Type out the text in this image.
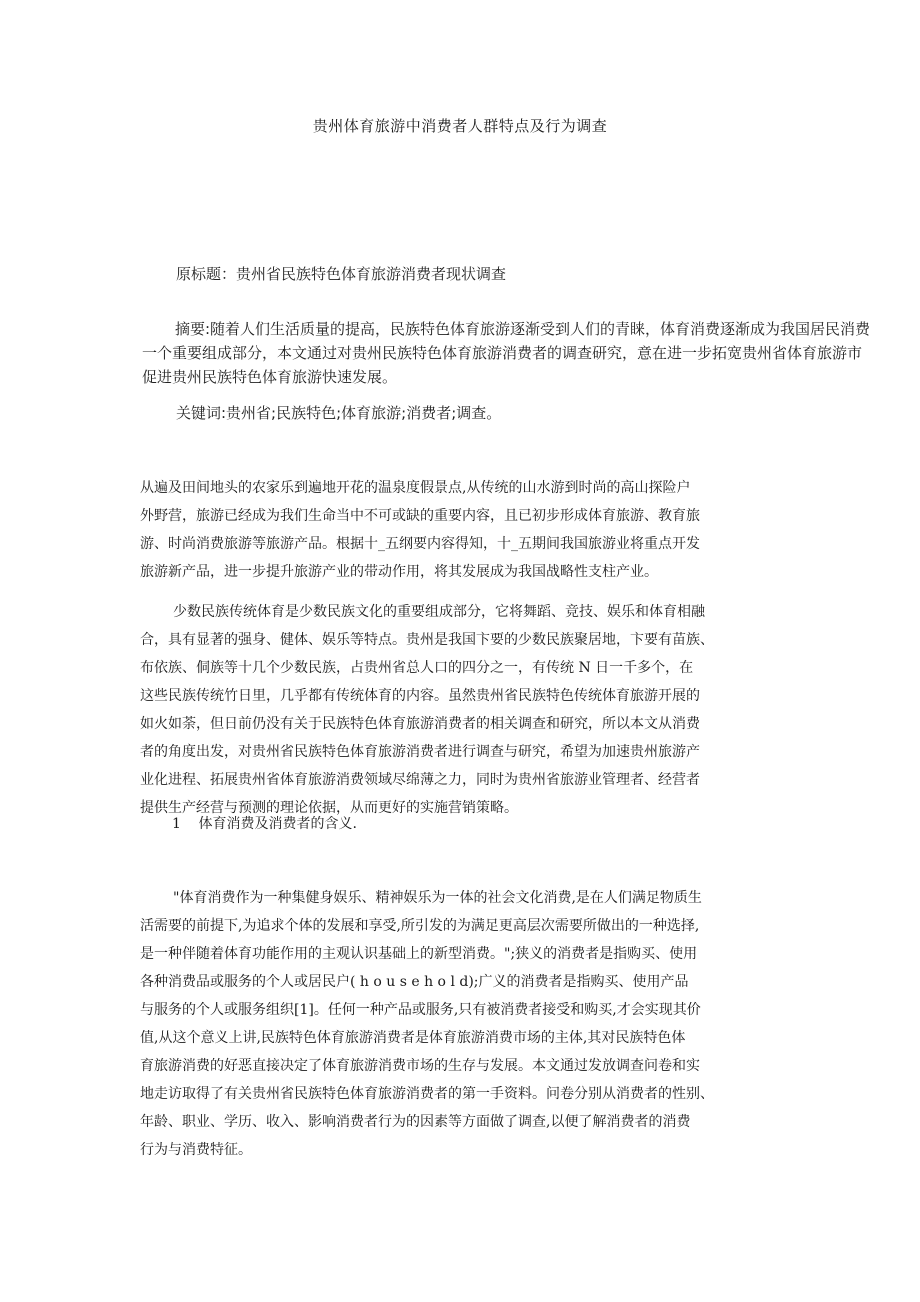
贵州体育旅游中消费者人群特点及行为调查
原标题：贵州省民族特色体育旅游消费者现状调查
摘要:随着人们生活质量的提高，民族特色体育旅游逐渐受到人们的青睐，体育消费逐渐成为我国居民消费
一个重要组成部分，本文通过对贵州民族特色体育旅游消费者的调查研究，意在进一步拓宽贵州省体育旅游市
促进贵州民族特色体育旅游快速发展。
关键词:贵州省;民族特色;体育旅游;消费者;调查。
从遍及田间地头的农家乐到遍地开花的温泉度假景点,从传统的山水游到时尚的高山探险户
外野营，旅游已经成为我们生命当中不可或缺的重要内容，且已初步形成体育旅游、教育旅
游、时尚消费旅游等旅游产品。根据十_五纲要内容得知，十_五期间我国旅游业将重点开发
旅游新产品，进一步提升旅游产业的带动作用，将其发展成为我国战略性支柱产业。
少数民族传统体育是少数民族文化的重要组成部分，它将舞蹈、竞技、娱乐和体育相融
合，具有显著的强身、健体、娱乐等特点。贵州是我国卞要的少数民族聚居地，卞要有苗族、
布依族、侗族等十几个少数民族，占贵州省总人口的四分之一，有传统 N 日一千多个，在
这些民族传统竹日里，几乎都有传统体育的内容。虽然贵州省民族特色传统体育旅游开展的
如火如荼，但日前仍没有关于民族特色体育旅游消费者的相关调查和研究，所以本文从消费
者的角度出发，对贵州省民族特色体育旅游消费者进行调查与研究，希望为加速贵州旅游产
业化进程、拓展贵州省体育旅游消费领域尽绵薄之力，同时为贵州省旅游业管理者、经营者
提供生产经营与预测的理论依据，从而更好的实施营销策略。
1 体育消费及消费者的含义.
"体育消费作为一种集健身娱乐、精神娱乐为一体的社会文化消费,是在人们满足物质生
活需要的前提下,为追求个体的发展和享受,所引发的为满足更高层次需要所做出的一种选择,
是一种伴随着体育功能作用的主观认识基础上的新型消费。";狭义的消费者是指购买、使用
各种消费品或服务的个人或居民户( h o u s e h o l d);广义的消费者是指购买、使用产品
与服务的个人或服务组织[1]。任何一种产品或服务,只有被消费者接受和购买,才会实现其价
值,从这个意义上讲,民族特色体育旅游消费者是体育旅游消费市场的主体,其对民族特色体
育旅游消费的好恶直接决定了体育旅游消费市场的生存与发展。本文通过发放调查问卷和实
地走访取得了有关贵州省民族特色体育旅游消费者的第一手资料。问卷分别从消费者的性别、
年龄、职业、学历、收入、影响消费者行为的因素等方面做了调查,以便了解消费者的消费
行为与消费特征。
